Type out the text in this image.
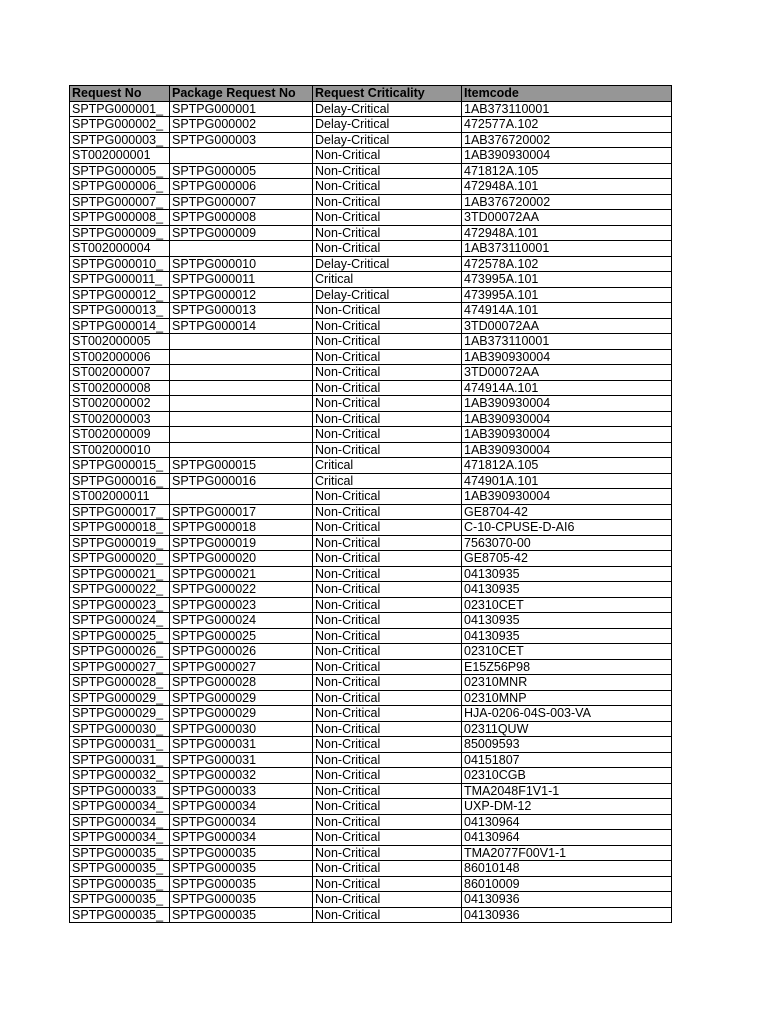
Request No	Package Request No	Request Criticality	Itemcode
SPTPG000001_	SPTPG000001	Delay-Critical	1AB373110001
SPTPG000002_	SPTPG000002	Delay-Critical	472577A.102
SPTPG000003_	SPTPG000003	Delay-Critical	1AB376720002
ST002000001		Non-Critical	1AB390930004
SPTPG000005_	SPTPG000005	Non-Critical	471812A.105
SPTPG000006_	SPTPG000006	Non-Critical	472948A.101
SPTPG000007_	SPTPG000007	Non-Critical	1AB376720002
SPTPG000008_	SPTPG000008	Non-Critical	3TD00072AA
SPTPG000009_	SPTPG000009	Non-Critical	472948A.101
ST002000004		Non-Critical	1AB373110001
SPTPG000010_	SPTPG000010	Delay-Critical	472578A.102
SPTPG000011_	SPTPG000011	Critical	473995A.101
SPTPG000012_	SPTPG000012	Delay-Critical	473995A.101
SPTPG000013_	SPTPG000013	Non-Critical	474914A.101
SPTPG000014_	SPTPG000014	Non-Critical	3TD00072AA
ST002000005		Non-Critical	1AB373110001
ST002000006		Non-Critical	1AB390930004
ST002000007		Non-Critical	3TD00072AA
ST002000008		Non-Critical	474914A.101
ST002000002		Non-Critical	1AB390930004
ST002000003		Non-Critical	1AB390930004
ST002000009		Non-Critical	1AB390930004
ST002000010		Non-Critical	1AB390930004
SPTPG000015_	SPTPG000015	Critical	471812A.105
SPTPG000016_	SPTPG000016	Critical	474901A.101
ST002000011		Non-Critical	1AB390930004
SPTPG000017_	SPTPG000017	Non-Critical	GE8704-42
SPTPG000018_	SPTPG000018	Non-Critical	C-10-CPUSE-D-AI6
SPTPG000019_	SPTPG000019	Non-Critical	7563070-00
SPTPG000020_	SPTPG000020	Non-Critical	GE8705-42
SPTPG000021_	SPTPG000021	Non-Critical	04130935
SPTPG000022_	SPTPG000022	Non-Critical	04130935
SPTPG000023_	SPTPG000023	Non-Critical	02310CET
SPTPG000024_	SPTPG000024	Non-Critical	04130935
SPTPG000025_	SPTPG000025	Non-Critical	04130935
SPTPG000026_	SPTPG000026	Non-Critical	02310CET
SPTPG000027_	SPTPG000027	Non-Critical	E15Z56P98
SPTPG000028_	SPTPG000028	Non-Critical	02310MNR
SPTPG000029_	SPTPG000029	Non-Critical	02310MNP
SPTPG000029_	SPTPG000029	Non-Critical	HJA-0206-04S-003-VA
SPTPG000030_	SPTPG000030	Non-Critical	02311QUW
SPTPG000031_	SPTPG000031	Non-Critical	85009593
SPTPG000031_	SPTPG000031	Non-Critical	04151807
SPTPG000032_	SPTPG000032	Non-Critical	02310CGB
SPTPG000033_	SPTPG000033	Non-Critical	TMA2048F1V1-1
SPTPG000034_	SPTPG000034	Non-Critical	UXP-DM-12
SPTPG000034_	SPTPG000034	Non-Critical	04130964
SPTPG000034_	SPTPG000034	Non-Critical	04130964
SPTPG000035_	SPTPG000035	Non-Critical	TMA2077F00V1-1
SPTPG000035_	SPTPG000035	Non-Critical	86010148
SPTPG000035_	SPTPG000035	Non-Critical	86010009
SPTPG000035_	SPTPG000035	Non-Critical	04130936
SPTPG000035_	SPTPG000035	Non-Critical	04130936
